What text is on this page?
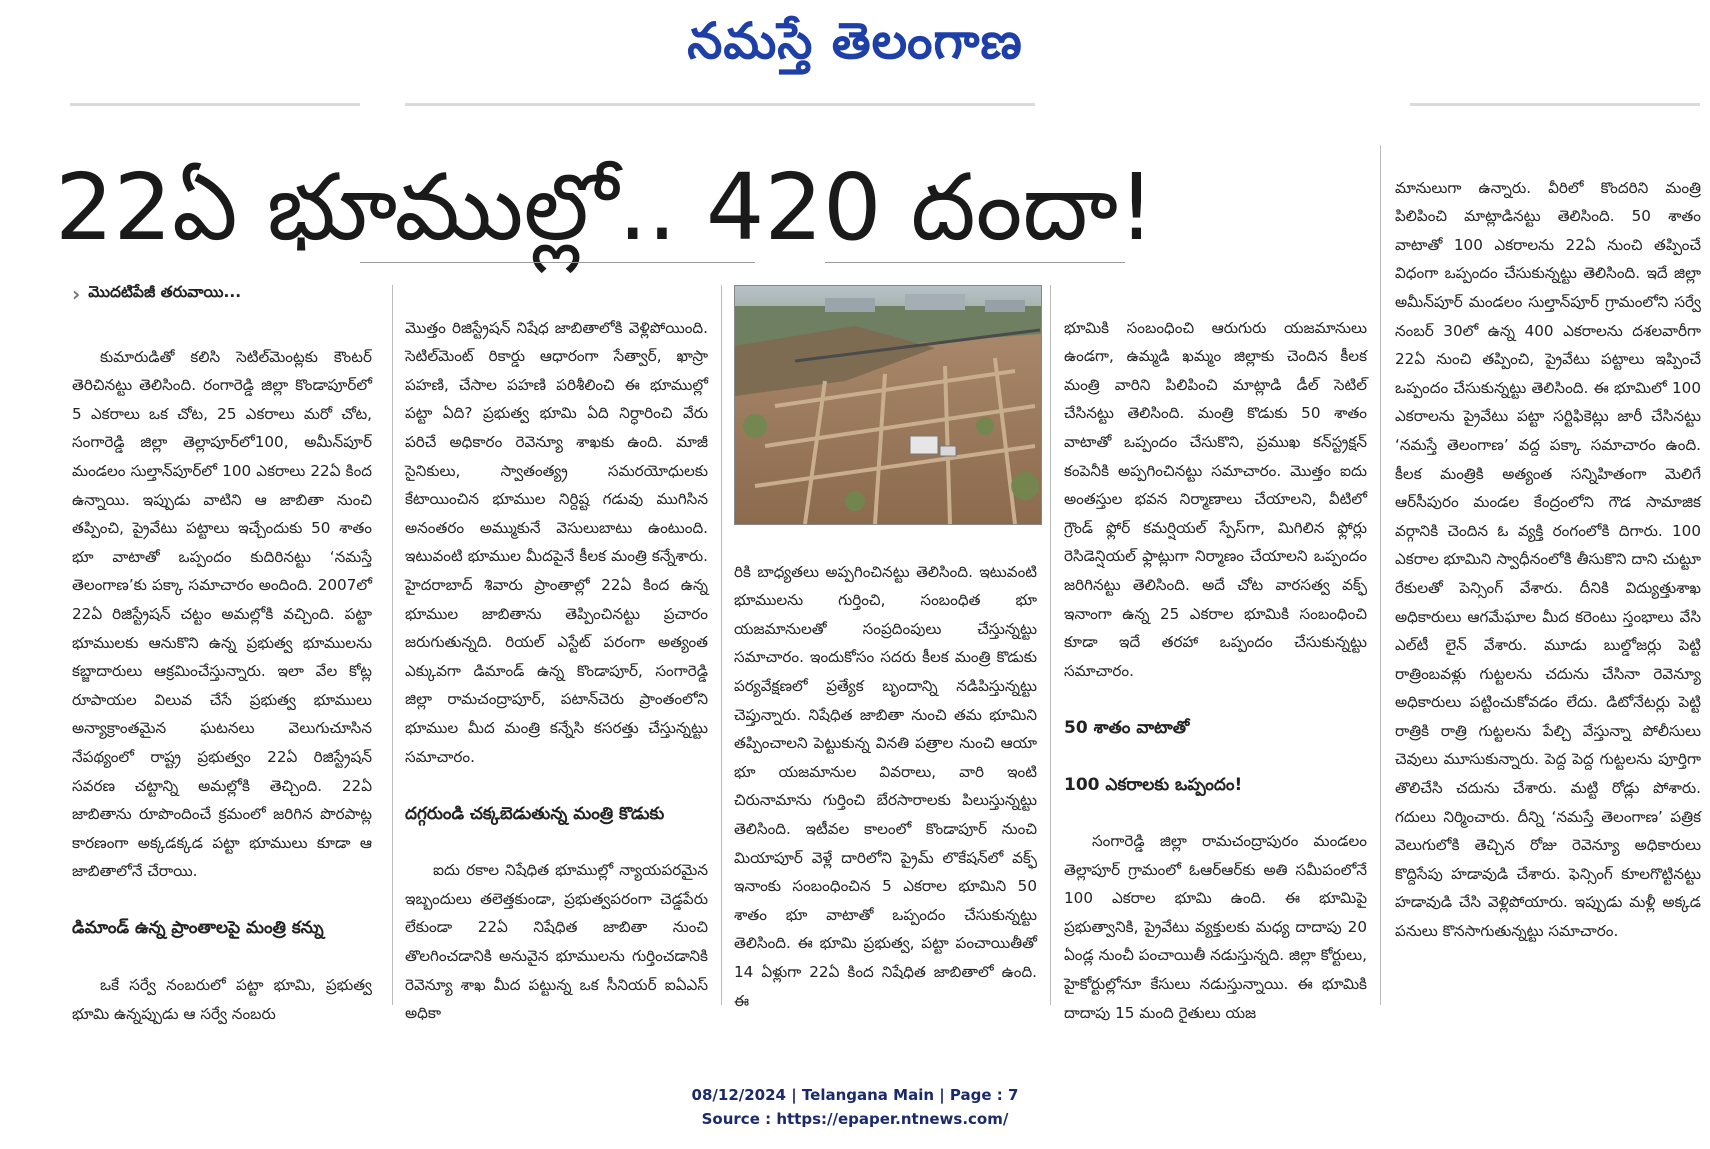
నమస్తే తెలంగాణ
22ఏ భూముల్లో.. 420 దందా!
› మొదటిపేజీ తరువాయి...

కుమారుడితో కలిసి సెటిల్‌మెంట్లకు కౌంటర్‌ తెరిచినట్టు తెలిసింది. రంగారెడ్డి జిల్లా కొండాపూర్‌లో 5 ఎకరాలు ఒక చోట, 25 ఎకరాలు మరో చోట, సంగారెడ్డి జిల్లా తెల్లాపూర్‌లో100, అమీన్‌పూర్‌ మండలం సుల్తాన్‌పూర్‌లో 100 ఎకరాలు 22ఏ కింద ఉన్నాయి. ఇప్పుడు వాటిని ఆ జాబితా నుంచి తప్పించి, ప్రైవేటు పట్టాలు ఇచ్చేందుకు 50 శాతం భూ వాటాతో ఒప్పందం కుదిరినట్టు ‘నమస్తే తెలంగాణ’కు పక్కా సమాచారం అందింది. 2007లో 22ఏ రిజిస్ట్రేషన్‌ చట్టం అమల్లోకి వచ్చింది. పట్టా భూములకు ఆనుకొని ఉన్న ప్రభుత్వ భూములను కబ్జాదారులు ఆక్రమించేస్తున్నారు. ఇలా వేల కోట్ల రూపాయల విలువ చేసే ప్రభుత్వ భూములు అన్యాక్రాంతమైన ఘటనలు వెలుగుచూసిన నేపథ్యంలో రాష్ట్ర ప్రభుత్వం 22ఏ రిజిస్ట్రేషన్‌ సవరణ చట్టాన్ని అమల్లోకి తెచ్చింది. 22ఏ జాబితాను రూపొందించే క్రమంలో జరిగిన పొరపాట్ల కారణంగా అక్కడక్కడ పట్టా భూములు కూడా ఆ జాబితాలోనే చేరాయి.

డిమాండ్‌ ఉన్న ప్రాంతాలపై మంత్రి కన్ను

ఒకే సర్వే నంబరులో పట్టా భూమి, ప్రభుత్వ భూమి ఉన్నప్పుడు ఆ సర్వే నంబరు

మొత్తం రిజిస్ట్రేషన్‌ నిషేధ జాబితాలోకి వెళ్లిపోయింది. సెటిల్‌మెంట్‌ రికార్డు ఆధారంగా సేత్వార్‌, ఖాస్రా పహణి, చేసాల పహణి పరిశీలించి ఈ భూముల్లో పట్టా ఏది? ప్రభుత్వ భూమి ఏది నిర్ధారించి వేరు పరిచే అధికారం రెవెన్యూ శాఖకు ఉంది. మాజీ సైనికులు, స్వాతంత్య్ర సమరయోధులకు కేటాయించిన భూముల నిర్దిష్ట గడువు ముగిసిన అనంతరం అమ్ముకునే వెసులుబాటు ఉంటుంది. ఇటువంటి భూముల మీదపైనే కీలక మంత్రి కన్నేశారు. హైదరాబాద్‌ శివారు ప్రాంతాల్లో 22ఏ కింద ఉన్న భూముల జాబితాను తెప్పించినట్టు ప్రచారం జరుగుతున్నది. రియల్‌ ఎస్టేట్‌ పరంగా అత్యంత ఎక్కువగా డిమాండ్‌ ఉన్న కొండాపూర్‌, సంగారెడ్డి జిల్లా రామచంద్రాపూర్‌, పటాన్‌చెరు ప్రాంతంలోని భూముల మీద మంత్రి కన్నేసి కసరత్తు చేస్తున్నట్టు సమాచారం.

దగ్గరుండి చక్కబెడుతున్న మంత్రి కొడుకు

ఐదు రకాల నిషేధిత భూముల్లో న్యాయపరమైన ఇబ్బందులు తలెత్తకుండా, ప్రభుత్వపరంగా చెడ్డపేరు లేకుండా 22ఏ నిషేధిత జాబితా నుంచి తొలగించడానికి అనువైన భూములను గుర్తించడానికి రెవెన్యూ శాఖ మీద పట్టున్న ఒక సీనియర్‌ ఐఏఎస్‌ అధికా

రికి బాధ్యతలు అప్పగించినట్టు తెలిసింది. ఇటువంటి భూములను గుర్తించి, సంబంధిత భూ యజమానులతో సంప్రదింపులు చేస్తున్నట్టు సమాచారం. ఇందుకోసం సదరు కీలక మంత్రి కొడుకు పర్యవేక్షణలో ప్రత్యేక బృందాన్ని నడిపిస్తున్నట్టు చెప్తున్నారు. నిషేధిత జాబితా నుంచి తమ భూమిని తప్పించాలని పెట్టుకున్న వినతి పత్రాల నుంచి ఆయా భూ యజమానుల వివరాలు, వారి ఇంటి చిరునామాను గుర్తించి బేరసారాలకు పిలుస్తున్నట్టు తెలిసింది. ఇటీవల కాలంలో కొండాపూర్‌ నుంచి మియాపూర్‌ వెళ్లే దారిలోని ప్రైమ్‌ లొకేషన్‌లో వక్ఫ్‌ ఇనాంకు సంబంధించిన 5 ఎకరాల భూమిని 50 శాతం భూ వాటాతో ఒప్పందం చేసుకున్నట్టు తెలిసింది. ఈ భూమి ప్రభుత్వ, పట్టా పంచాయితీతో 14 ఏళ్లుగా 22ఏ కింద నిషేధిత జాబితాలో ఉంది. ఈ

భూమికి సంబంధించి ఆరుగురు యజమానులు ఉండగా, ఉమ్మడి ఖమ్మం జిల్లాకు చెందిన కీలక మంత్రి వారిని పిలిపించి మాట్లాడి డీల్‌ సెటిల్‌ చేసినట్టు తెలిసింది. మంత్రి కొడుకు 50 శాతం వాటాతో ఒప్పందం చేసుకొని, ప్రముఖ కన్‌స్ట్రక్షన్‌ కంపెనీకి అప్పగించినట్టు సమాచారం. మొత్తం ఐదు అంతస్తుల భవన నిర్మాణాలు చేయాలని, వీటిలో గ్రౌండ్‌ ఫ్లోర్‌ కమర్షియల్‌ స్పేస్‌గా, మిగిలిన ఫ్లోర్లు రెసిడెన్షియల్‌ ఫ్లాట్లుగా నిర్మాణం చేయాలని ఒప్పందం జరిగినట్టు తెలిసింది. అదే చోట వారసత్వ వక్ఫ్‌ ఇనాంగా ఉన్న 25 ఎకరాల భూమికి సంబంధించి కూడా ఇదే తరహా ఒప్పందం చేసుకున్నట్టు సమాచారం.

50 శాతం వాటాతో

100 ఎకరాలకు ఒప్పందం!

సంగారెడ్డి జిల్లా రామచంద్రాపురం మండలం తెల్లాపూర్‌ గ్రామంలో ఓఆర్‌ఆర్‌కు అతి సమీపంలోనే 100 ఎకరాల భూమి ఉంది. ఈ భూమిపై ప్రభుత్వానికి, ప్రైవేటు వ్యక్తులకు మధ్య దాదాపు 20 ఏండ్ల నుంచీ పంచాయితీ నడుస్తున్నది. జిల్లా కోర్టులు, హైకోర్టుల్లోనూ కేసులు నడుస్తున్నాయి. ఈ భూమికి దాదాపు 15 మంది రైతులు యజ

మానులుగా ఉన్నారు. వీరిలో కొందరిని మంత్రి పిలిపించి మాట్లాడినట్టు తెలిసింది. 50 శాతం వాటాతో 100 ఎకరాలను 22ఏ నుంచి తప్పించే విధంగా ఒప్పందం చేసుకున్నట్టు తెలిసింది. ఇదే జిల్లా అమీన్‌పూర్‌ మండలం సుల్తాన్‌పూర్‌ గ్రామంలోని సర్వే నంబర్‌ 30లో ఉన్న 400 ఎకరాలను దశలవారీగా 22ఏ నుంచి తప్పించి, ప్రైవేటు పట్టాలు ఇప్పించే ఒప్పందం చేసుకున్నట్టు తెలిసింది. ఈ భూమిలో 100 ఎకరాలను ప్రైవేటు పట్టా సర్టిఫికెట్లు జారీ చేసినట్టు ‘నమస్తే తెలంగాణ’ వద్ద పక్కా సమాచారం ఉంది. కీలక మంత్రికి అత్యంత సన్నిహితంగా మెలిగే ఆర్‌సీపురం మండల కేంద్రంలోని గౌడ సామాజిక వర్గానికి చెందిన ఓ వ్యక్తి రంగంలోకి దిగారు. 100 ఎకరాల భూమిని స్వాధీనంలోకి తీసుకొని దాని చుట్టూ రేకులతో పెన్సింగ్‌ వేశారు. దీనికి విద్యుత్తుశాఖ అధికారులు ఆగమేఘాల మీద కరెంటు స్తంభాలు వేసి ఎల్‌టీ లైన్‌ వేశారు. మూడు బుల్డోజర్లు పెట్టి రాత్రింబవళ్లు గుట్టలను చదును చేసినా రెవెన్యూ అధికారులు పట్టించుకోవడం లేదు. డిటోనేటర్లు పెట్టి రాత్రికి రాత్రి గుట్టలను పేల్చి వేస్తున్నా పోలీసులు చెవులు మూసుకున్నారు. పెద్ద పెద్ద గుట్టలను పూర్తిగా తొలిచేసి చదును చేశారు. మట్టి రోడ్లు పోశారు. గదులు నిర్మించారు. దీన్ని ‘నమస్తే తెలంగాణ’ పత్రిక వెలుగులోకి తెచ్చిన రోజు రెవెన్యూ అధికారులు కొద్దిసేపు హడావుడి చేశారు. ఫెన్సింగ్‌ కూలగొట్టినట్టు హడావుడి చేసి వెళ్లిపోయారు. ఇప్పుడు మళ్లీ అక్కడ పనులు కొనసాగుతున్నట్టు సమాచారం.

08/12/2024 | Telangana Main | Page : 7
Source : https://epaper.ntnews.com/
